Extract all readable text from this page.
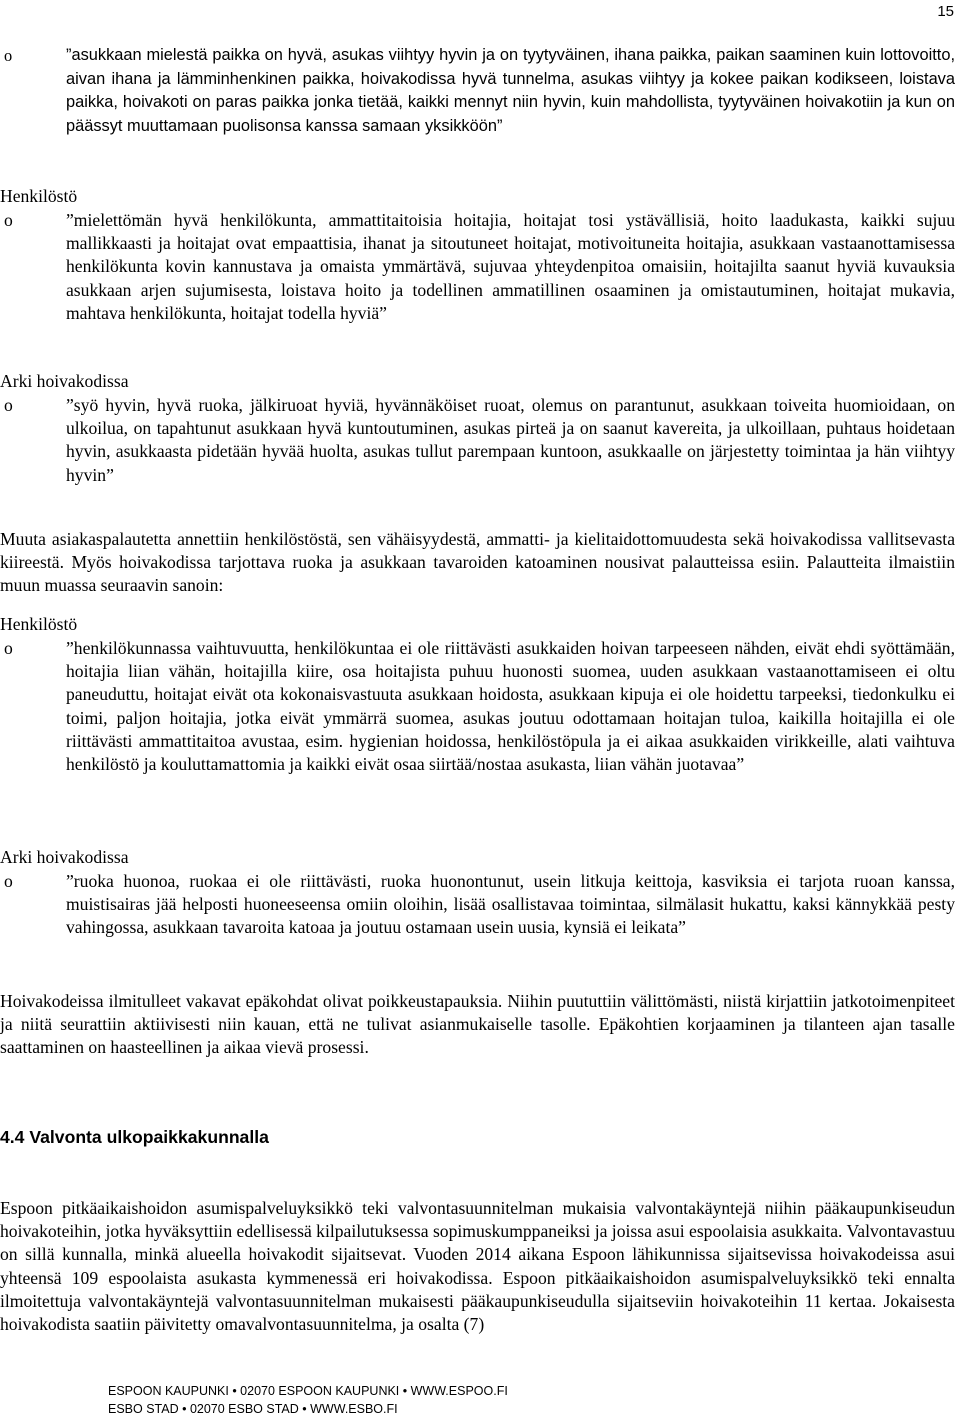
15
o	”asukkaan mielestä paikka on hyvä, asukas viihtyy hyvin ja on tyytyväinen, ihana paikka, paikan saaminen kuin lottovoitto, aivan ihana ja lämminhenkinen paikka, hoivakodissa hyvä tunnelma, asukas viihtyy ja kokee paikan kodikseen, loistava paikka, hoivakoti on paras paikka jonka tietää, kaikki mennyt niin hyvin, kuin mahdollista, tyytyväinen hoivakotiin ja kun on päässyt muuttamaan puolisonsa kanssa samaan yksikköön”
Henkilöstö
o	”mielettömän hyvä henkilökunta, ammattitaitoisia hoitajia, hoitajat tosi ystävällisiä, hoito laadukasta, kaikki sujuu mallikkaasti ja hoitajat ovat empaattisia, ihanat ja sitoutuneet hoitajat, motivoituneita hoitajia, asukkaan vastaanottamisessa henkilökunta kovin kannustava ja omaista ymmärtävä, sujuvaa yhteydenpitoa omaisiin, hoitajilta saanut hyviä kuvauksia asukkaan arjen sujumisesta, loistava hoito ja todellinen ammatillinen osaaminen ja omistautuminen, hoitajat mukavia, mahtava henkilökunta, hoitajat todella hyviä”
Arki hoivakodissa
o	”syö hyvin, hyvä ruoka, jälkiruoat hyviä, hyvännäköiset ruoat, olemus on parantunut, asukkaan toiveita huomioidaan, on ulkoilua, on tapahtunut asukkaan hyvä kuntoutuminen, asukas pirteä ja on saanut kavereita, ja ulkoillaan, puhtaus hoidetaan hyvin, asukkaasta pidetään hyvää huolta, asukas tullut parempaan kuntoon, asukkaalle on järjestetty toimintaa ja hän viihtyy hyvin”
Muuta asiakaspalautetta annettiin henkilöstöstä, sen vähäisyydestä, ammatti- ja kielitaidottomuudesta sekä hoivakodissa vallitsevasta kiireestä. Myös hoivakodissa tarjottava ruoka ja asukkaan tavaroiden katoaminen nousivat palautteissa esiin. Palautteita ilmaistiin muun muassa seuraavin sanoin:
Henkilöstö
o	”henkilökunnassa vaihtuvuutta, henkilökuntaa ei ole riittävästi asukkaiden hoivan tarpeeseen nähden, eivät ehdi syöttämään, hoitajia liian vähän, hoitajilla kiire, osa hoitajista puhuu huonosti suomea, uuden asukkaan vastaanottamiseen ei oltu paneuduttu, hoitajat eivät ota kokonaisvastuuta asukkaan hoidosta, asukkaan kipuja ei ole hoidettu tarpeeksi, tiedonkulku ei toimi, paljon hoitajia, jotka eivät ymmärrä suomea, asukas joutuu odottamaan hoitajan tuloa, kaikilla hoitajilla ei ole riittävästi ammattitaitoa avustaa, esim. hygienian hoidossa, henkilöstöpula ja ei aikaa asukkaiden virikkeille, alati vaihtuva henkilöstö ja kouluttamattomia ja kaikki eivät osaa siirtää/nostaa asukasta, liian vähän juotavaa”
Arki hoivakodissa
o	”ruoka huonoa, ruokaa ei ole riittävästi, ruoka huonontunut, usein litkuja keittoja, kasviksia ei tarjota ruoan kanssa, muistisairas jää helposti huoneeseensa omiin oloihin, lisää osallistavaa toimintaa, silmälasit hukattu, kaksi kännykkää pesty vahingossa, asukkaan tavaroita katoaa ja joutuu ostamaan usein uusia, kynsiä ei leikata”
Hoivakodeissa ilmitulleet vakavat epäkohdat olivat poikkeustapauksia. Niihin puututtiin välittömästi, niistä kirjattiin jatkotoimenpiteet ja niitä seurattiin aktiivisesti niin kauan, että ne tulivat asianmukaiselle tasolle. Epäkohtien korjaaminen ja tilanteen ajan tasalle saattaminen on haasteellinen ja aikaa vievä prosessi.
4.4 Valvonta ulkopaikkakunnalla
Espoon pitkäaikaishoidon asumispalveluyksikkö teki valvontasuunnitelman mukaisia valvontakäyntejä niihin pääkaupunkiseudun hoivakoteihin, jotka hyväksyttiin edellisessä kilpailutuksessa sopimuskumppaneiksi ja joissa asui espoolaisia asukkaita. Valvontavastuu on sillä kunnalla, minkä alueella hoivakodit sijaitsevat. Vuoden 2014 aikana Espoon lähikunnissa sijaitsevissa hoivakodeissa asui yhteensä 109 espoolaista asukasta kymmenessä eri hoivakodissa. Espoon pitkäaikaishoidon asumispalveluyksikkö teki ennalta ilmoitettuja valvontakäyntejä valvontasuunnitelman mukaisesti pääkaupunkiseudulla sijaitseviin hoivakoteihin 11 kertaa. Jokaisesta hoivakodista saatiin päivitetty omavalvontasuunnitelma, ja osalta (7)
ESPOON KAUPUNKI • 02070 ESPOON KAUPUNKI • WWW.ESPOO.FI
ESBO STAD • 02070 ESBO STAD • WWW.ESBO.FI
